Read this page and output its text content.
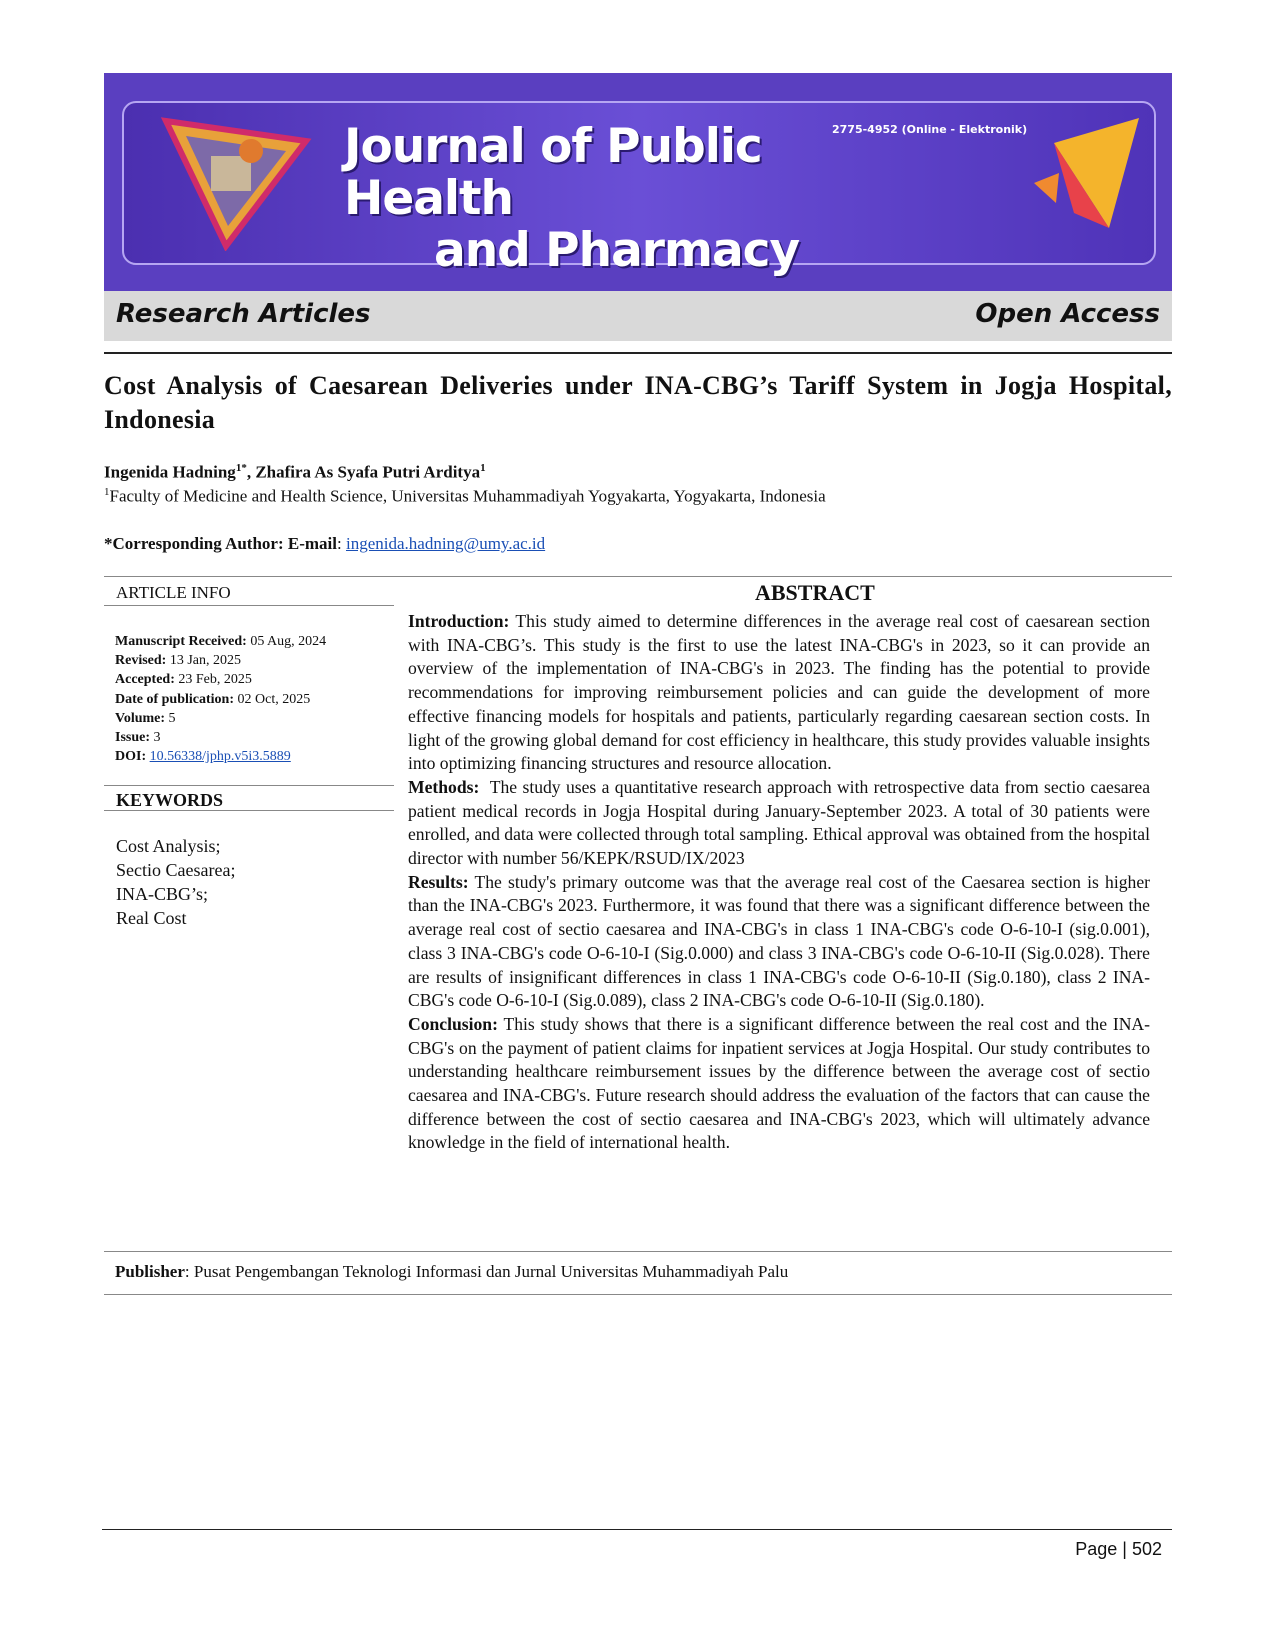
Journal of Public Health
and Pharmacy
2775-4952 (Online - Elektronik)
Research Articles	Open Access
Cost Analysis of Caesarean Deliveries under INA-CBG’s Tariff System in Jogja Hospital, Indonesia
Ingenida Hadning$^{1*}$, Zhafira As Syafa Putri Arditya$^1$
$^1$Faculty of Medicine and Health Science, Universitas Muhammadiyah Yogyakarta, Yogyakarta, Indonesia
*Corresponding Author: E-mail: ingenida.hadning@umy.ac.id
ARTICLE INFO	ABSTRACT
Manuscript Received: 05 Aug, 2024
Revised: 13 Jan, 2025
Accepted: 23 Feb, 2025
Date of publication: 02 Oct, 2025
Volume: 5
Issue: 3
DOI: 10.56338/jphp.v5i3.5889
KEYWORDS
Cost Analysis;
Sectio Caesarea;
INA-CBG’s;
Real Cost

Introduction: This study aimed to determine differences in the average real cost of caesarean section with INA-CBG’s. This study is the first to use the latest INA-CBG's in 2023, so it can provide an overview of the implementation of INA-CBG's in 2023. The finding has the potential to provide recommendations for improving reimbursement policies and can guide the development of more effective financing models for hospitals and patients, particularly regarding caesarean section costs. In light of the growing global demand for cost efficiency in healthcare, this study provides valuable insights into optimizing financing structures and resource allocation.

Methods: The study uses a quantitative research approach with retrospective data from sectio caesarea patient medical records in Jogja Hospital during January-September 2023. A total of 30 patients were enrolled, and data were collected through total sampling. Ethical approval was obtained from the hospital director with number 56/KEPK/RSUD/IX/2023

Results: The study's primary outcome was that the average real cost of the Caesarea section is higher than the INA-CBG's 2023. Furthermore, it was found that there was a significant difference between the average real cost of sectio caesarea and INA-CBG's in class 1 INA-CBG's code O-6-10-I (sig.0.001), class 3 INA-CBG's code O-6-10-I (Sig.0.000) and class 3 INA-CBG's code O-6-10-II (Sig.0.028). There are results of insignificant differences in class 1 INA-CBG's code O-6-10-II (Sig.0.180), class 2 INA-CBG's code O-6-10-I (Sig.0.089), class 2 INA-CBG's code O-6-10-II (Sig.0.180).

Conclusion: This study shows that there is a significant difference between the real cost and the INA-CBG's on the payment of patient claims for inpatient services at Jogja Hospital. Our study contributes to understanding healthcare reimbursement issues by the difference between the average cost of sectio caesarea and INA-CBG's. Future research should address the evaluation of the factors that can cause the difference between the cost of sectio caesarea and INA-CBG's 2023, which will ultimately advance knowledge in the field of international health.

Publisher: Pusat Pengembangan Teknologi Informasi dan Jurnal Universitas Muhammadiyah Palu
Page | 502
